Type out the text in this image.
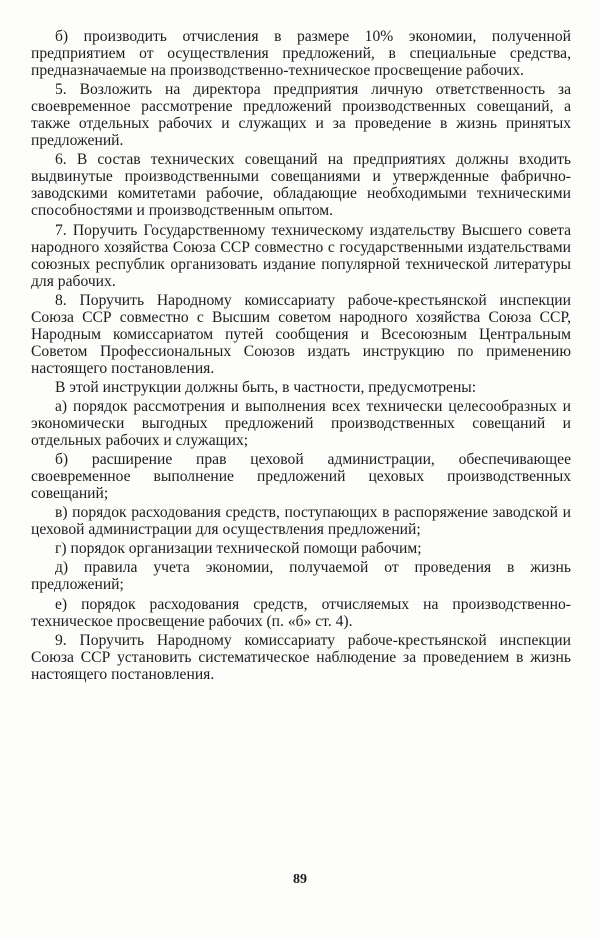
б) производить отчисления в размере 10% экономии, полученной предприятием от осуществления предложений, в специальные средства, предназначаемые на производственно-техническое просвещение рабочих.

5. Возложить на директора предприятия личную ответственность за своевременное рассмотрение предложений производственных совещаний, а также отдельных рабочих и служащих и за проведение в жизнь принятых предложений.

6. В состав технических совещаний на предприятиях должны входить выдвинутые производственными совещаниями и утвержденные фабрично-заводскими комитетами рабочие, обладающие необходимыми техническими способностями и производственным опытом.

7. Поручить Государственному техническому издательству Высшего совета народного хозяйства Союза ССР совместно с государственными издательствами союзных республик организовать издание популярной технической литературы для рабочих.

8. Поручить Народному комиссариату рабоче-крестьянской инспекции Союза ССР совместно с Высшим советом народного хозяйства Союза ССР, Народным комиссариатом путей сообщения и Всесоюзным Центральным Советом Профессиональных Союзов издать инструкцию по применению настоящего постановления.

В этой инструкции должны быть, в частности, предусмотрены:

а) порядок рассмотрения и выполнения всех технически целесообразных и экономически выгодных предложений производственных совещаний и отдельных рабочих и служащих;

б) расширение прав цеховой администрации, обеспечивающее своевременное выполнение предложений цеховых производственных совещаний;

в) порядок расходования средств, поступающих в распоряжение заводской и цеховой администрации для осуществления предложений;

г) порядок организации технической помощи рабочим;

д) правила учета экономии, получаемой от проведения в жизнь предложений;

е) порядок расходования средств, отчисляемых на производственно-техническое просвещение рабочих (п. «б» ст. 4).

9. Поручить Народному комиссариату рабоче-крестьянской инспекции Союза ССР установить систематическое наблюдение за проведением в жизнь настоящего постановления.

89
